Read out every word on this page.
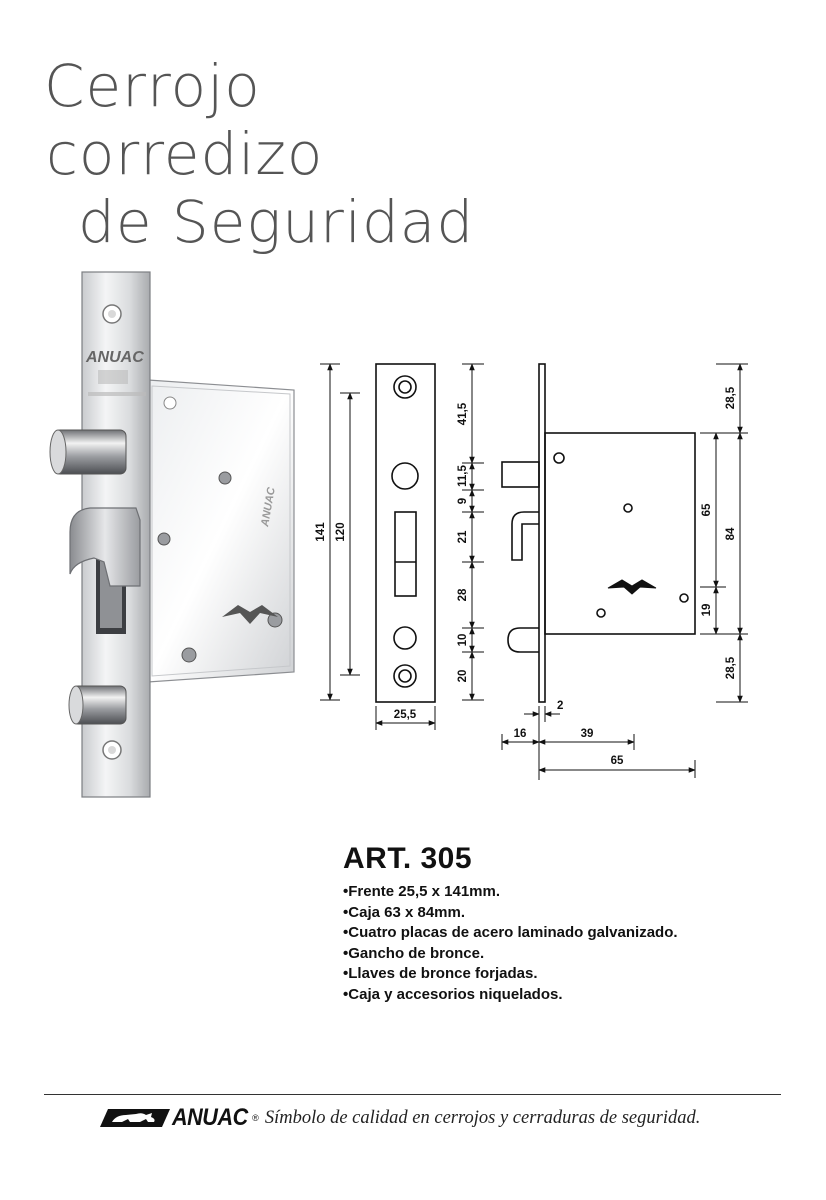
Cerrojo
corredizo
de Seguridad
ANUAC
ANUAC
141 120
41,5
11,5
9
21
28
10
20
25,5
28,5
84
28,5
65
19
2
16	39
65
ART. 305
• Frente 25,5 x 141mm.
• Caja 63 x 84mm.
• Cuatro placas de acero laminado galvanizado.
• Gancho de bronce.
• Llaves de bronce forjadas.
• Caja y accesorios niquelados.
ANUAC ® Símbolo de calidad en cerrojos y cerraduras de seguridad.
